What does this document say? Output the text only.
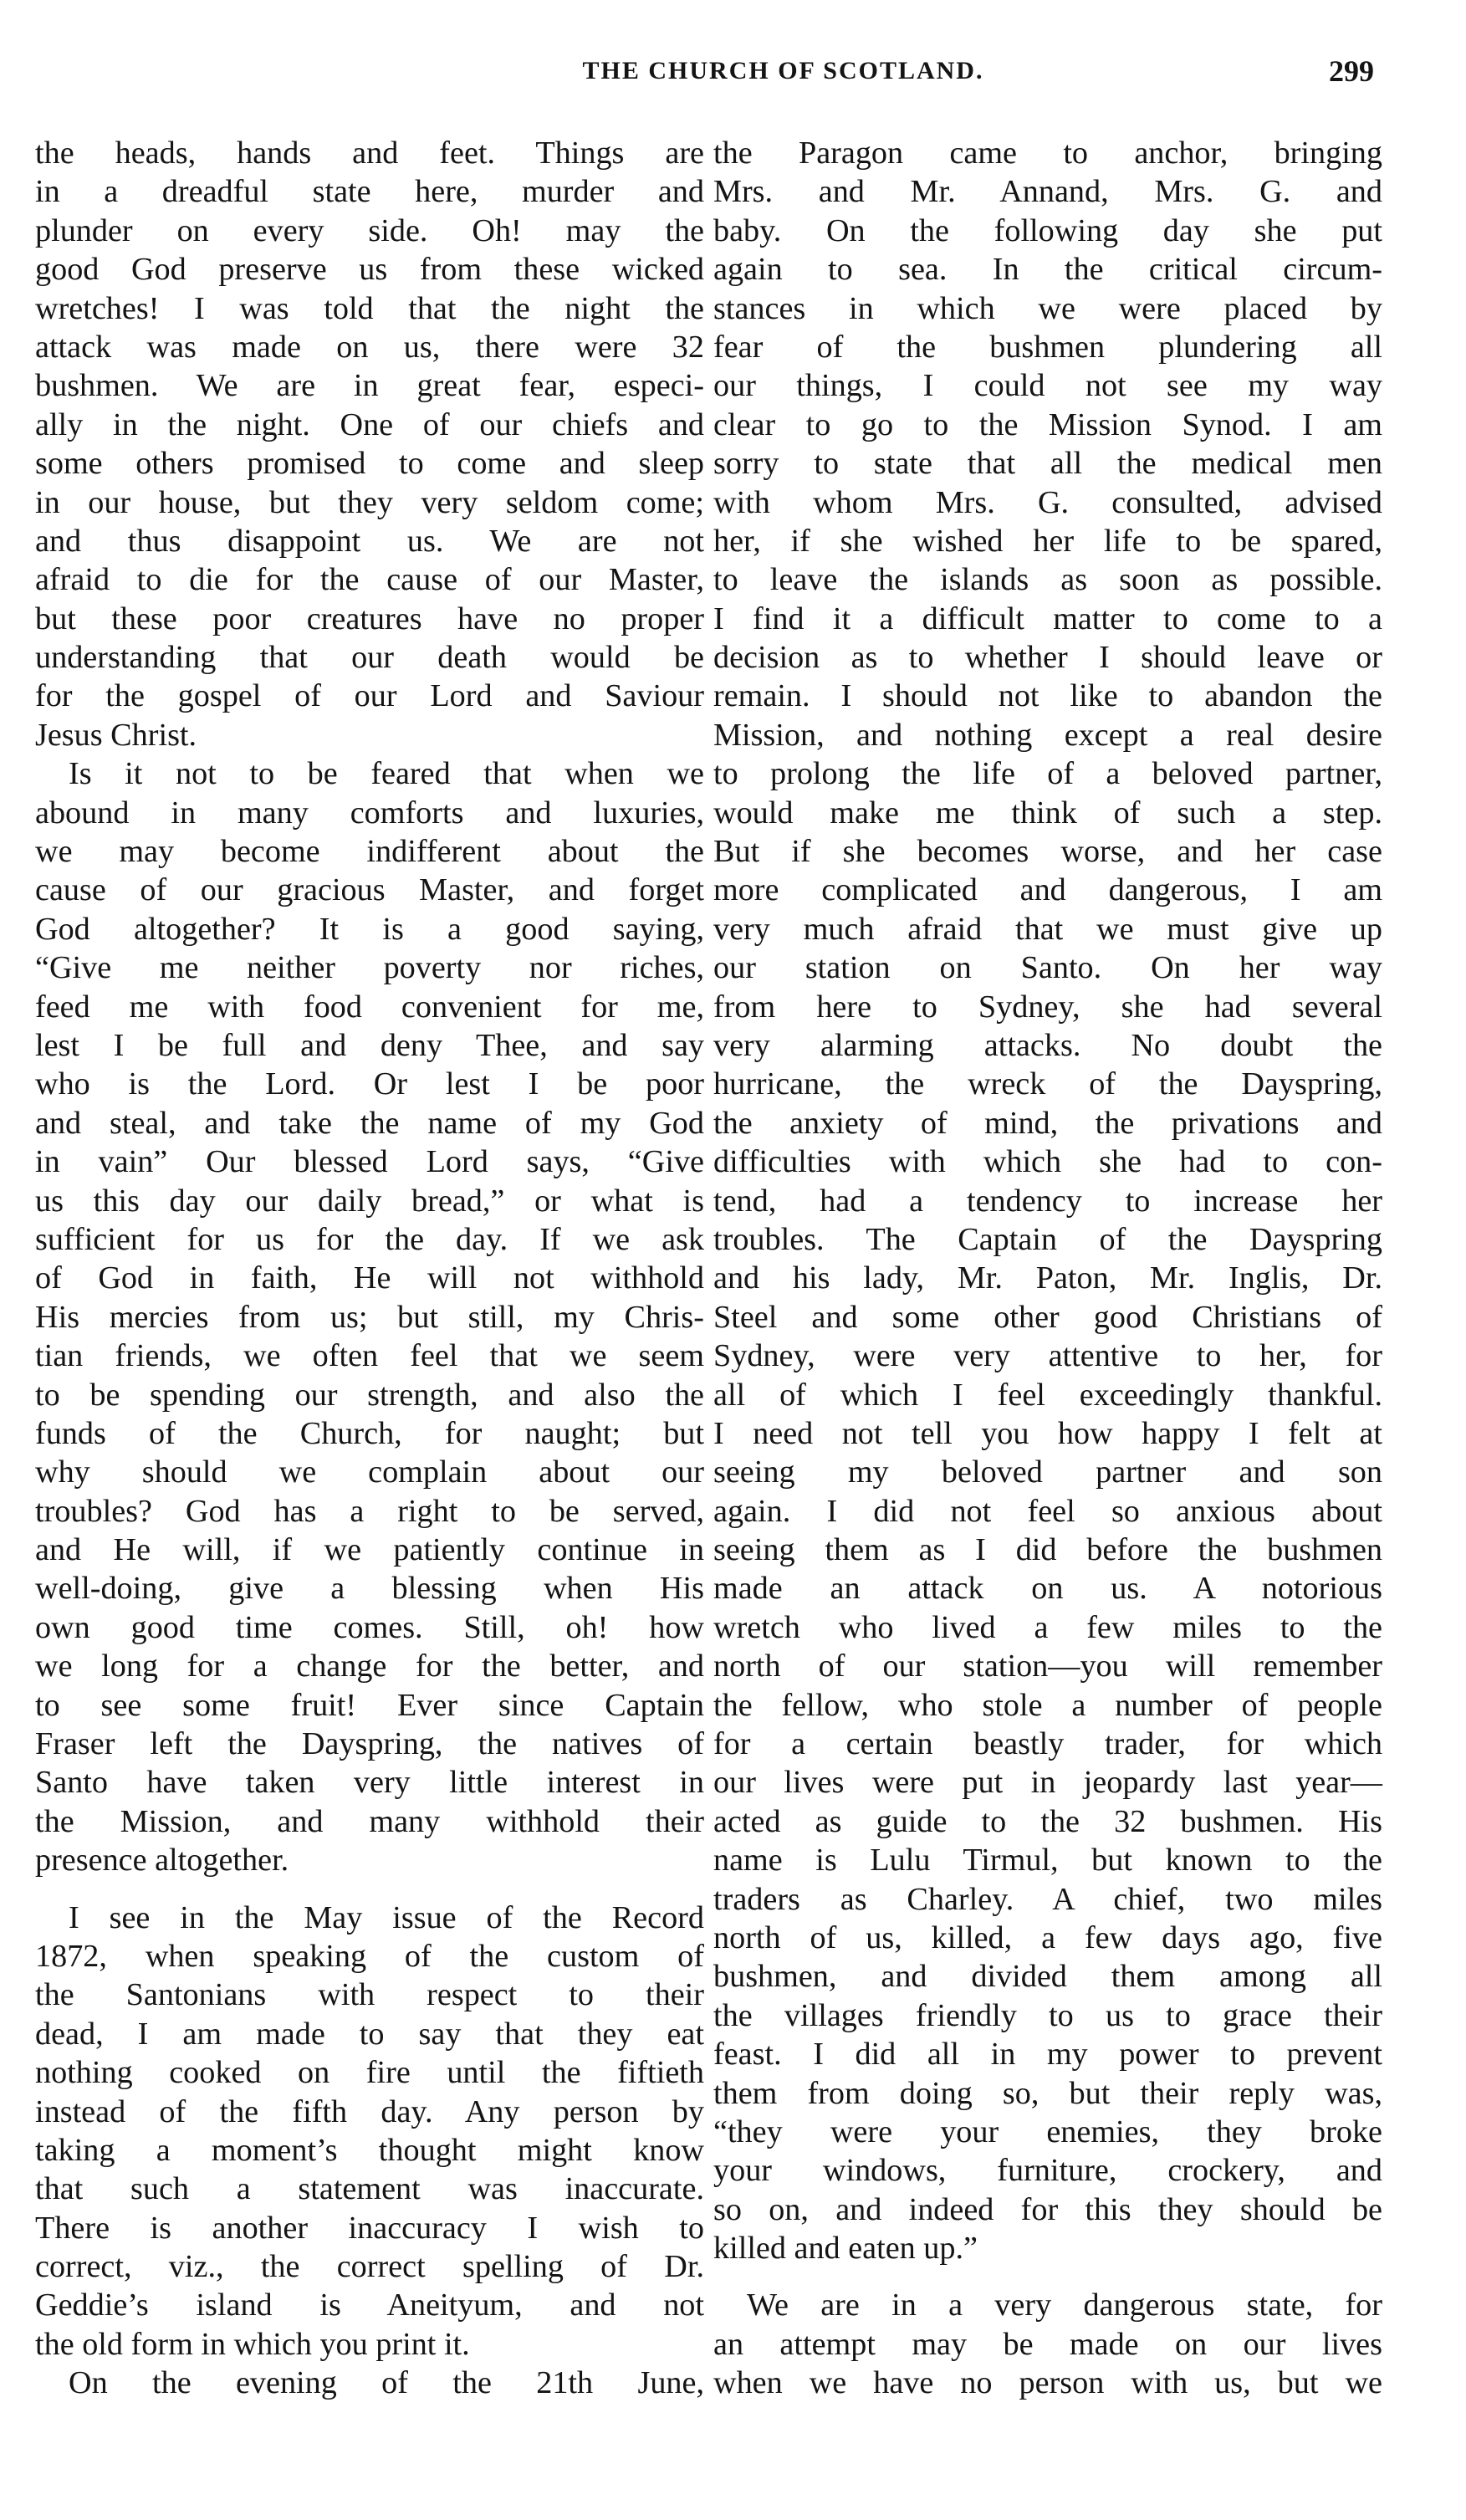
THE CHURCH OF SCOTLAND.	299

the heads, hands and feet. Things are
in a dreadful state here, murder and
plunder on every side. Oh! may the
good God preserve us from these wicked
wretches! I was told that the night the
attack was made on us, there were 32
bushmen. We are in great fear, especi-
ally in the night. One of our chiefs and
some others promised to come and sleep
in our house, but they very seldom come;
and thus disappoint us. We are not
afraid to die for the cause of our Master,
but these poor creatures have no proper
understanding that our death would be
for the gospel of our Lord and Saviour
Jesus Christ.

Is it not to be feared that when we
abound in many comforts and luxuries,
we may become indifferent about the
cause of our gracious Master, and forget
God altogether? It is a good saying,
“Give me neither poverty nor riches,
feed me with food convenient for me,
lest I be full and deny Thee, and say
who is the Lord. Or lest I be poor
and steal, and take the name of my God
in vain” Our blessed Lord says, “Give
us this day our daily bread,” or what is
sufficient for us for the day. If we ask
of God in faith, He will not withhold
His mercies from us; but still, my Chris-
tian friends, we often feel that we seem
to be spending our strength, and also the
funds of the Church, for naught; but
why should we complain about our
troubles? God has a right to be served,
and He will, if we patiently continue in
well-doing, give a blessing when His
own good time comes. Still, oh! how
we long for a change for the better, and
to see some fruit! Ever since Captain
Fraser left the Dayspring, the natives of
Santo have taken very little interest in
the Mission, and many withhold their
presence altogether.

I see in the May issue of the Record
1872, when speaking of the custom of
the Santonians with respect to their
dead, I am made to say that they eat
nothing cooked on fire until the fiftieth
instead of the fifth day. Any person by
taking a moment’s thought might know
that such a statement was inaccurate.
There is another inaccuracy I wish to
correct, viz., the correct spelling of Dr.
Geddie’s island is Aneityum, and not
the old form in which you print it.

On the evening of the 21th June,

the Paragon came to anchor, bringing
Mrs. and Mr. Annand, Mrs. G. and
baby. On the following day she put
again to sea. In the critical circum-
stances in which we were placed by
fear of the bushmen plundering all
our things, I could not see my way
clear to go to the Mission Synod. I am
sorry to state that all the medical men
with whom Mrs. G. consulted, advised
her, if she wished her life to be spared,
to leave the islands as soon as possible.
I find it a difficult matter to come to a
decision as to whether I should leave or
remain. I should not like to abandon the
Mission, and nothing except a real desire
to prolong the life of a beloved partner,
would make me think of such a step.
But if she becomes worse, and her case
more complicated and dangerous, I am
very much afraid that we must give up
our station on Santo. On her way
from here to Sydney, she had several
very alarming attacks. No doubt the
hurricane, the wreck of the Dayspring,
the anxiety of mind, the privations and
difficulties with which she had to con-
tend, had a tendency to increase her
troubles. The Captain of the Dayspring
and his lady, Mr. Paton, Mr. Inglis, Dr.
Steel and some other good Christians of
Sydney, were very attentive to her, for
all of which I feel exceedingly thankful.
I need not tell you how happy I felt at
seeing my beloved partner and son
again. I did not feel so anxious about
seeing them as I did before the bushmen
made an attack on us. A notorious
wretch who lived a few miles to the
north of our station—you will remember
the fellow, who stole a number of people
for a certain beastly trader, for which
our lives were put in jeopardy last year—
acted as guide to the 32 bushmen. His
name is Lulu Tirmul, but known to the
traders as Charley. A chief, two miles
north of us, killed, a few days ago, five
bushmen, and divided them among all
the villages friendly to us to grace their
feast. I did all in my power to prevent
them from doing so, but their reply was,
“they were your enemies, they broke
your windows, furniture, crockery, and
so on, and indeed for this they should be
killed and eaten up.”

We are in a very dangerous state, for
an attempt may be made on our lives
when we have no person with us, but we
